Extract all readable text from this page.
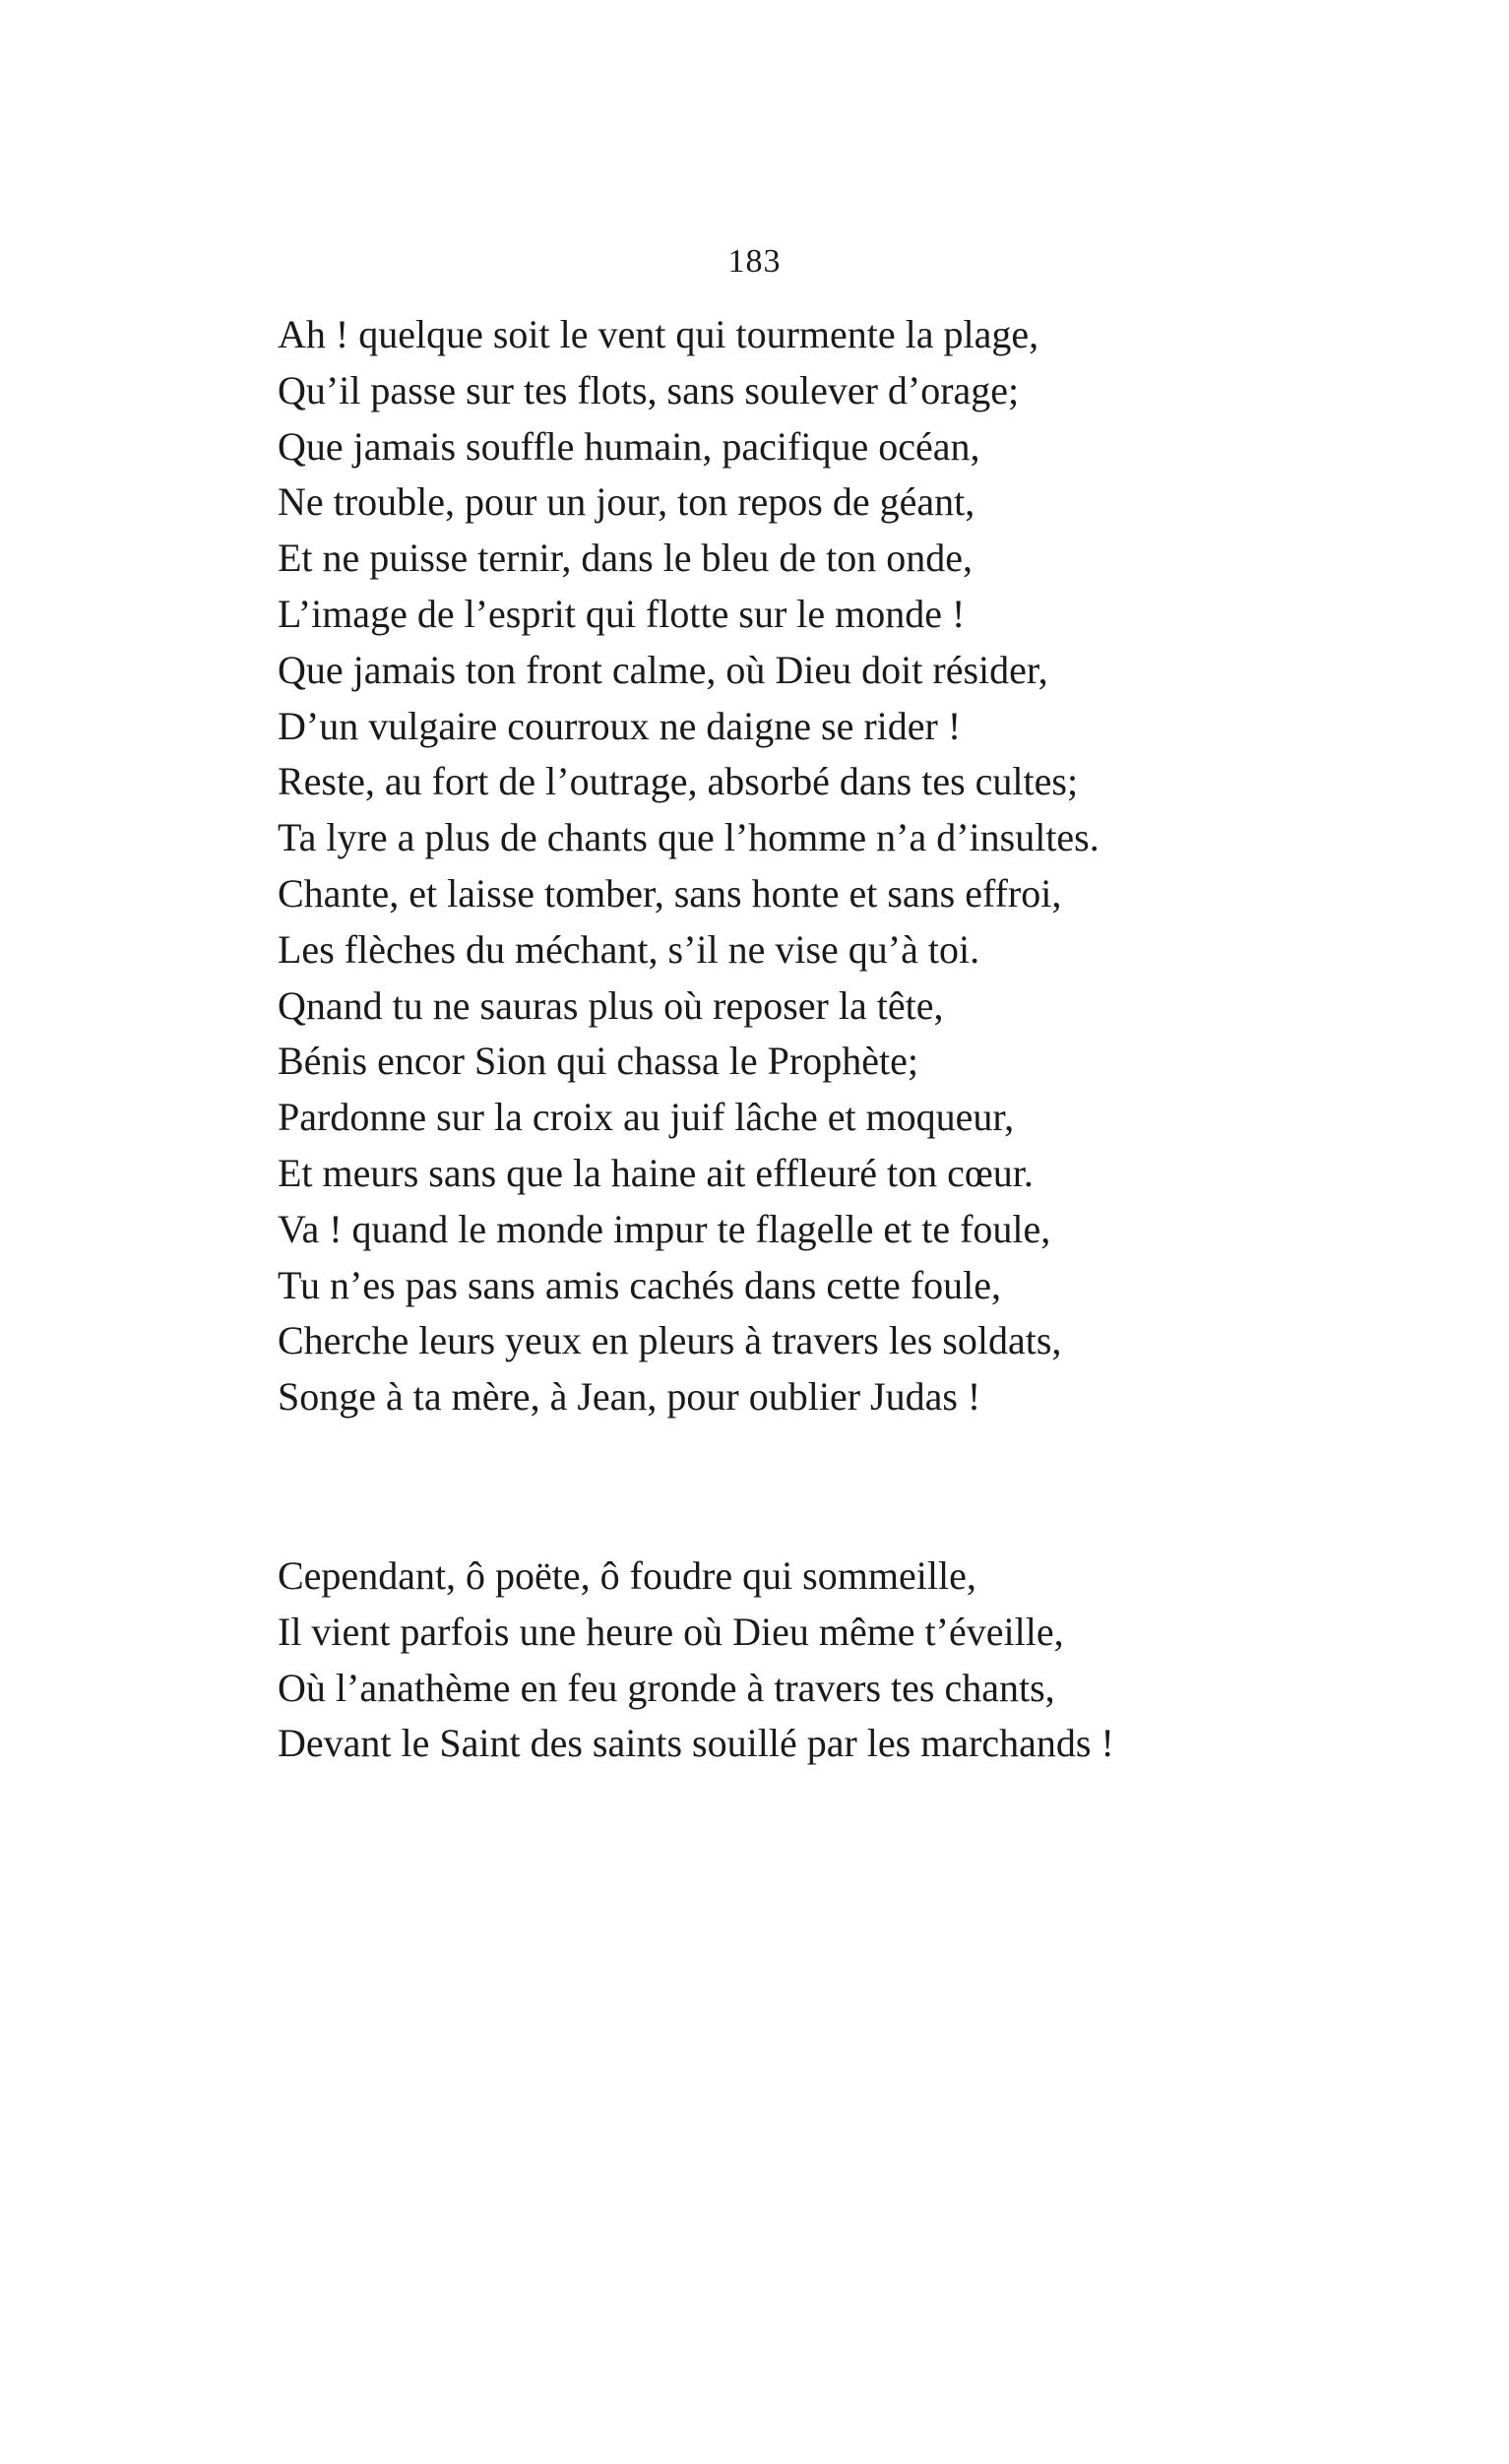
183
Ah ! quelque soit le vent qui tourmente la plage,
Qu’il passe sur tes flots, sans soulever d’orage;
Que jamais souffle humain, pacifique océan,
Ne trouble, pour un jour, ton repos de géant,
Et ne puisse ternir, dans le bleu de ton onde,
L’image de l’esprit qui flotte sur le monde !
Que jamais ton front calme, où Dieu doit résider,
D’un vulgaire courroux ne daigne se rider !
Reste, au fort de l’outrage, absorbé dans tes cultes;
Ta lyre a plus de chants que l’homme n’a d’insultes.
Chante, et laisse tomber, sans honte et sans effroi,
Les flèches du méchant, s’il ne vise qu’à toi.
Qnand tu ne sauras plus où reposer la tête,
Bénis encor Sion qui chassa le Prophète;
Pardonne sur la croix au juif lâche et moqueur,
Et meurs sans que la haine ait effleuré ton cœur.
Va ! quand le monde impur te flagelle et te foule,
Tu n’es pas sans amis cachés dans cette foule,
Cherche leurs yeux en pleurs à travers les soldats,
Songe à ta mère, à Jean, pour oublier Judas !
Cependant, ô poëte, ô foudre qui sommeille,
Il vient parfois une heure où Dieu même t’éveille,
Où l’anathème en feu gronde à travers tes chants,
Devant le Saint des saints souillé par les marchands !
